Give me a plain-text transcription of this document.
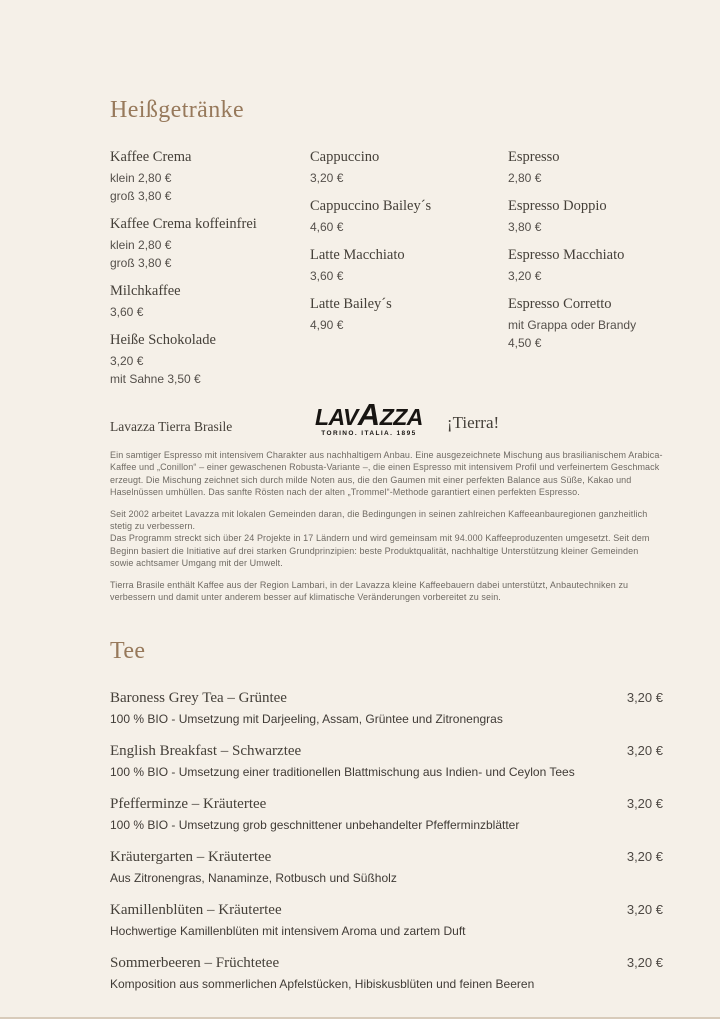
Heißgetränke
Kaffee Crema
klein 2,80 €
groß 3,80 €
Kaffee Crema koffeinfrei
klein 2,80 €
groß 3,80 €
Milchkaffee
3,60 €
Heiße Schokolade
3,20 €
mit Sahne 3,50 €
Cappuccino
3,20 €
Cappuccino Bailey´s
4,60 €
Latte Macchiato
3,60 €
Latte Bailey´s
4,90 €
Espresso
2,80 €
Espresso Doppio
3,80 €
Espresso Macchiato
3,20 €
Espresso Corretto
mit Grappa oder Brandy
4,50 €
Lavazza Tierra Brasile	LAVAZZA
TORINO. ITALIA. 1895
¡Tierra!

Ein samtiger Espresso mit intensivem Charakter aus nachhaltigem Anbau. Eine ausgezeichnete Mischung aus brasilianischem Arabica-Kaffee und „Conillon“ – einer gewaschenen Robusta-Variante –, die einen Espresso mit intensivem Profil und verfeinertem Geschmack erzeugt. Die Mischung zeichnet sich durch milde Noten aus, die den Gaumen mit einer perfekten Balance aus Süße, Kakao und Haselnüssen umhüllen. Das sanfte Rösten nach der alten „Trommel“-Methode garantiert einen perfekten Espresso.

Seit 2002 arbeitet Lavazza mit lokalen Gemeinden daran, die Bedingungen in seinen zahlreichen Kaffeeanbauregionen ganzheitlich stetig zu verbessern.

Das Programm streckt sich über 24 Projekte in 17 Ländern und wird gemeinsam mit 94.000 Kaffeeproduzenten umgesetzt. Seit dem Beginn basiert die Initiative auf drei starken Grundprinzipien: beste Produktqualität, nachhaltige Unterstützung kleiner Gemeinden sowie achtsamer Umgang mit der Umwelt.

Tierra Brasile enthält Kaffee aus der Region Lambari, in der Lavazza kleine Kaffeebauern dabei unterstützt, Anbautechniken zu verbessern und damit unter anderem besser auf klimatische Veränderungen vorbereitet zu sein.

Tee
Baroness Grey Tea – Grüntee	3,20 €
100 % BIO - Umsetzung mit Darjeeling, Assam, Grüntee und Zitronengras
English Breakfast – Schwarztee	3,20 €
100 % BIO - Umsetzung einer traditionellen Blattmischung aus Indien- und Ceylon Tees
Pfefferminze – Kräutertee	3,20 €
100 % BIO - Umsetzung grob geschnittener unbehandelter Pfefferminzblätter
Kräutergarten – Kräutertee	3,20 €
Aus Zitronengras, Nanaminze, Rotbusch und Süßholz
Kamillenblüten – Kräutertee	3,20 €
Hochwertige Kamillenblüten mit intensivem Aroma und zartem Duft
Sommerbeeren – Früchtetee	3,20 €
Komposition aus sommerlichen Apfelstücken, Hibiskusblüten und feinen Beeren
